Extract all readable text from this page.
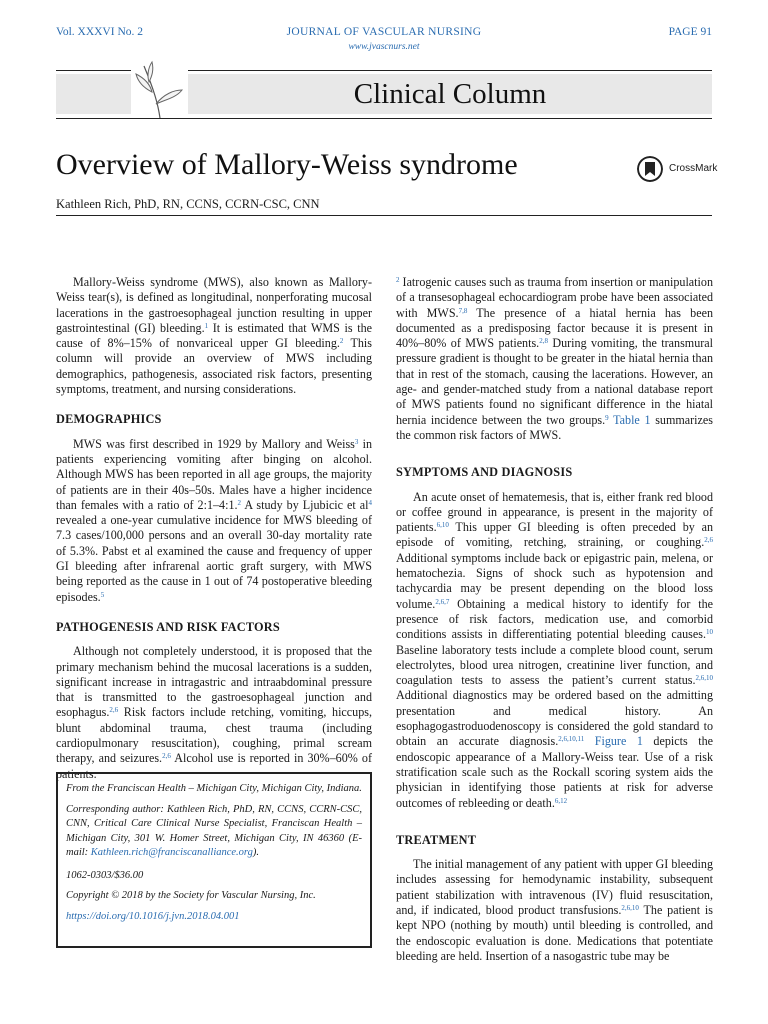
Vol. XXXVI No. 2	JOURNAL OF VASCULAR NURSING	PAGE 91
www.jvascnurs.net
Clinical Column
Overview of Mallory-Weiss syndrome	CrossMark
Kathleen Rich, PhD, RN, CCNS, CCRN-CSC, CNN

Mallory-Weiss syndrome (MWS), also known as Mallory-Weiss tear(s), is defined as longitudinal, nonperforating mucosal lacerations in the gastroesophageal junction resulting in upper gastrointestinal (GI) bleeding.$^1$ It is estimated that WMS is the cause of 8%–15% of nonvariceal upper GI bleeding.$^2$ This column will provide an overview of MWS including demographics, pathogenesis, associated risk factors, presenting symptoms, treatment, and nursing considerations.

DEMOGRAPHICS

MWS was first described in 1929 by Mallory and Weiss$^3$ in patients experiencing vomiting after binging on alcohol. Although MWS has been reported in all age groups, the majority of patients are in their 40s–50s. Males have a higher incidence than females with a ratio of 2:1–4:1.$^2$ A study by Ljubicic et $al^4$ revealed a one-year cumulative incidence for MWS bleeding of 7.3 cases/100,000 persons and an overall 30-day mortality rate of 5.3%. Pabst et al examined the cause and frequency of upper GI bleeding after infrarenal aortic graft surgery, with MWS being reported as the cause in 1 out of 74 postoperative bleeding episodes.$^5$

PATHOGENESIS AND RISK FACTORS

Although not completely understood, it is proposed that the primary mechanism behind the mucosal lacerations is a sudden, significant increase in intragastric and intraabdominal pressure that is transmitted to the gastroesophageal junction and esophagus.$^{2,6}$ Risk factors include retching, vomiting, hiccups, blunt abdominal trauma, chest trauma (including cardiopulmonary resuscitation), coughing, primal scream therapy, and seizures.$^{2,6}$ Alcohol use is reported in 30%–60% of patients.

From the Franciscan Health – Michigan City, Michigan City, Indiana.

Corresponding author: Kathleen Rich, PhD, RN, CCNS, CCRN-CSC, CNN, Critical Care Clinical Nurse Specialist, Franciscan Health – Michigan City, 301 W. Homer Street, Michigan City, IN 46360 (E-mail: Kathleen.rich@franciscanalliance.org).

1062-0303/$36.00

Copyright © 2018 by the Society for Vascular Nursing, Inc.

https://doi.org/10.1016/j.jvn.2018.04.001

$^2$ Iatrogenic causes such as trauma from insertion or manipulation of a transesophageal echocardiogram probe have been associated with MWS.$^{7,8}$ The presence of a hiatal hernia has been documented as a predisposing factor because it is present in 40%–80% of MWS patients.$^{2,8}$ During vomiting, the transmural pressure gradient is thought to be greater in the hiatal hernia than that in rest of the stomach, causing the lacerations. However, an age- and gender-matched study from a national database report of MWS patients found no significant difference in the hiatal hernia incidence between the two groups.$^9$ Table 1 summarizes the common risk factors of MWS.

SYMPTOMS AND DIAGNOSIS

An acute onset of hematemesis, that is, either frank red blood or coffee ground in appearance, is present in the majority of patients.$^{6,10}$ This upper GI bleeding is often preceded by an episode of vomiting, retching, straining, or coughing.$^{2,6}$ Additional symptoms include back or epigastric pain, melena, or hematochezia. Signs of shock such as hypotension and tachycardia may be present depending on the blood loss volume.$^{2,6,7}$ Obtaining a medical history to identify for the presence of risk factors, medication use, and comorbid conditions assists in differentiating potential bleeding causes.$^{10}$ Baseline laboratory tests include a complete blood count, serum electrolytes, blood urea nitrogen, creatinine liver function, and coagulation tests to assess the patient’s current status.$^{2,6,10}$ Additional diagnostics may be ordered based on the admitting presentation and medical history. An esophagogastroduodenoscopy is considered the gold standard to obtain an accurate diagnosis.$^{2,6,10,11}$ Figure 1 depicts the endoscopic appearance of a Mallory-Weiss tear. Use of a risk stratification scale such as the Rockall scoring system aids the physician in identifying those patients at risk for adverse outcomes of rebleeding or death.$^{6,12}$

TREATMENT

The initial management of any patient with upper GI bleeding includes assessing for hemodynamic instability, subsequent patient stabilization with intravenous (IV) fluid resuscitation, and, if indicated, blood product transfusions.$^{2,6,10}$ The patient is kept NPO (nothing by mouth) until bleeding is controlled, and the endoscopic evaluation is done. Medications that potentiate bleeding are held. Insertion of a nasogastric tube may be
